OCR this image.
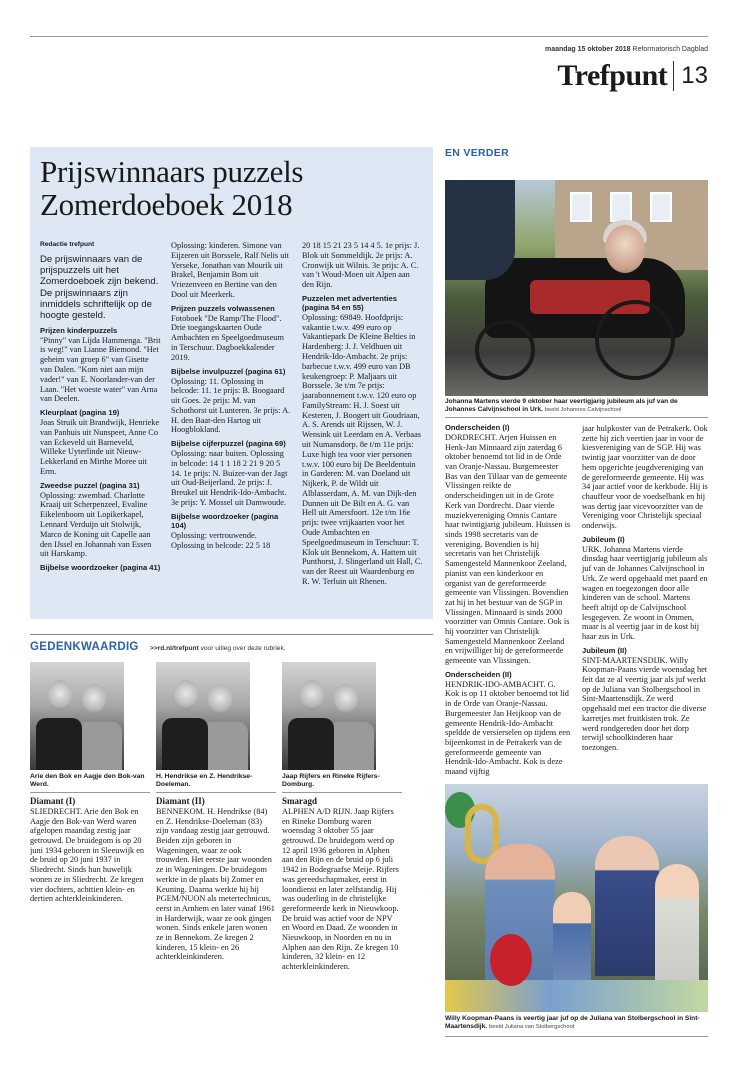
maandag 15 oktober 2018 Reformatorisch Dagblad
Trefpunt 13
Prijswinnaars puzzels Zomerdoeboek 2018
Redactie trefpunt
De prijswinnaars van de prijspuzzels uit het Zomerdoeboek zijn bekend. De prijswinnaars zijn inmiddels schriftelijk op de hoogte gesteld.
Prijzen kinderpuzzels
"Pinny" van Lijda Hammenga. "Brit is weg!" van Lianne Biemond. "Het geheim van groep 6" van Gisette van Dalen. "Kom niet aan mijn vader!" van E. Noorlander-van der Laan. "Het woeste water" van Arna van Deelen.
Kleurplaat (pagina 19)
Joas Struik uit Brandwijk, Henrieke van Panhuis uit Nunspeet, Anne Co van Eckeveld uit Barneveld, Willeke Uyterlinde uit Nieuw-Lekkerland en Mirthe Moree uit Erm.
Zweedse puzzel (pagina 31)
Oplossing: zwembad. Charlotte Kraaij uit Scherpenzeel, Evaline Eikelenboom uit Lopikerkapel, Lennard Verduijn uit Stolwijk, Marco de Koning uit Capelle aan den IJssel en Johannah van Essen uit Harskamp.
Bijbelse woordzoeker (pagina 41)
Oplossing: kinderen. Simone van Eijzeren uit Borssele, Ralf Nelis uit Yerseke, Jonathan van Mourik uit Brakel, Benjamin Bom uit Vriezenveen en Bertine van den Dool uit Meerkerk.
Prijzen puzzels volwassenen
Fotoboek "De Ramp/The Flood". Drie toegangskaarten Oude Ambachten en Speelgoedmuseum in Terschuur. Dagboekkalender 2019.
Bijbelse invulpuzzel (pagina 61)
Oplossing: 11. Oplossing in belcode: 11. 1e prijs: B. Boogaard uit Goes. 2e prijs: M. van Schothorst uit Lunteren. 3e prijs: A. H. den Baat-den Hartog uit Hoogblokland.
Bijbelse cijferpuzzel (pagina 69)
Oplossing: naar buiten. Oplossing in belcode: 14 1 1 18 2 21 9 20 5 14. 1e prijs: N. Buizer-van der Jagt uit Oud-Beijerland. 2e prijs: J. Breukel uit Hendrik-Ido-Ambacht. 3e prijs: Y. Mossel uit Damwoude.
Bijbelse woordzoeker (pagina 104)
Oplossing: vertrouwende. Oplossing in belcode: 22 5 18
20 18 15 21 23 5 14 4 5. 1e prijs: J. Blok uit Sommeldijk. 2e prijs: A. Cronwijk uit Wilnis. 3e prijs: A. C. van 't Woud-Moen uit Alpen aan den Rijn.
Puzzelen met advertenties (pagina 54 en 55)
Oplossing: 69849. Hoofdprijs: vakantie t.w.v. 499 euro op Vakantiepark De Kleine Belties in Hardenberg: J. J. Veldhuen uit Hendrik-Ido-Ambacht. 2e prijs: barbecue t.w.v. 499 euro van DB keukengroep: P. Maljaars uit Borssele. 3e t/m 7e prijs: jaarabonnement t.w.v. 120 euro op FamilyStream: H. J. Soest uit Kesteren, J. Boogert uit Goudriaan, A. S. Arends uit Rijssen, W. J. Wensink uit Leerdam en A. Verbaas uit Numansdorp. 8e t/m 11e prijs: Luxe high tea voor vier personen t.w.v. 100 euro bij De Beeldentuin in Garderen: M. van Doeland uit Nijkerk, P. de Wildt uit Alblasserdam, A. M. van Dijk-den Dunnen uit De Bilt en A. G. van Hell uit Amersfoort. 12e t/m 16e prijs: twee vrijkaarten voor het Oude Ambachten en Speelgoedmuseum in Terschuur: T. Klok uit Bennekom, A. Hattem uit Punthorst, J. Slingerland uit Hall, C. van der Reest uit Waardenburg en R. W. Terluin uit Rhenen.
GEDENKWAARDIG >>rd.nl/trefpunt voor uitleg over deze rubriek.
Arie den Bok en Aagje den Bok-van Werd.
Diamant (I)
SLIEDRECHT. Arie den Bok en Aagje den Bok-van Werd waren afgelopen maandag zestig jaar getrouwd. De bruidegom is op 20 juni 1934 geboren in Sleeuwijk en de bruid op 20 juni 1937 in Sliedrecht. Sinds hun huwelijk wonen ze in Sliedrecht. Ze kregen vier dochters, achttien klein- en dertien achterkleinkinderen.
H. Hendriksе en Z. Hendrikse-Doeleman.
Diamant (II)
BENNEKOM. H. Hendrikse (84) en Z. Hendrikse-Doeleman (83) zijn vandaag zestig jaar getrouwd. Beiden zijn geboren in Wageningen, waar ze ook trouwden. Het eerste jaar woonden ze in Wageningen. De bruidegom werkte in de plaats bij Zomer en Keuning. Daarna werkte hij bij PGEM/NUON als metertechnicus, eerst in Arnhem en later vanaf 1961 in Harderwijk, waar ze ook gingen wonen. Sinds enkele jaren wonen ze in Bennekom. Ze kregen 2 kinderen, 15 klein- en 26 achterkleinkinderen.
Jaap Rijfers en Rineke Rijfers-Domburg.
Smaragd
ALPHEN A/D RIJN. Jaap Rijfers en Rineke Domburg waren woensdag 3 oktober 55 jaar getrouwd. De bruidegom werd op 12 april 1936 geboren in Alphen aan den Rijn en de bruid op 6 juli 1942 in Bodegraafse Meije. Rijfers was gereedschapmaker, eerst in loondienst en later zelfstandig. Hij was ouderling in de christelijke gereformeerde kerk in Nieuwkoop. De bruid was actief voor de NPV en Woord en Daad. Ze woonden in Nieuwkoop, in Noorden en nu in Alphen aan den Rijn. Ze kregen 10 kinderen, 32 klein- en 12 achterkleinkinderen.
EN VERDER
Johanna Martens vierde 9 oktober haar veertigjarig jubileum als juf van de Johannes Calvijnschool in Urk. beeld Johannes Calvijnschool
Onderscheiden (I)
DORDRECHT. Arjen Huissen en Henk-Jan Minnaard zijn zaterdag 6 oktober benoemd tot lid in de Orde van Oranje-Nassau. Burgemeester Bas van den Tillaar van de gemeente Vlissingen reikte de onderscheidingen uit in de Grote Kerk van Dordrecht. Daar vierde muziekvereniging Omnis Cantare haar twintigjarig jubileum. Huissen is sinds 1998 secretaris van de vereniging. Bovendien is hij secretaris van het Christelijk Samengesteld Mannenkoor Zeeland, pianist van een kinderkoor en organist van de gereformeerde gemeente van Vlissingen. Bovendien zat hij in het bestuur van de SGP in Vlissingen. Minnaard is sinds 2000 voorzitter van Omnis Cantare. Ook is hij voorzitter van Christelijk Samengesteld Mannenkoor Zeeland en vrijwilliger bij de gereformeerde gemeente van Vlissingen.
Onderscheiden (II)
HENDRIK-IDO-AMBACHT. G. Kok is op 11 oktober benoemd tot lid in de Orde van Oranje-Nassau. Burgemeester Jan Heijkoop van de gemeente Hendrik-Ido-Ambacht speldde de versierselen op tijdens een bijeenkomst in de Petrakerk van de gereformeerde gemeente van Hendrik-Ido-Ambacht. Kok is deze maand vijftig
jaar hulpkoster van de Petrakerk. Ook zette hij zich veertien jaar in voor de kiesvereniging van de SGP. Hij was twintig jaar voorzitter van de door hem opgerichte jeugdvereniging van de gereformeerde gemeente. Hij was 34 jaar actief voor de kerkbode. Hij is chauffeur voor de voedselbank en hij was dertig jaar vicevoorzitter van de Vereniging voor Christelijk speciaal onderwijs.
Jubileum (I)
URK. Johanna Martens vierde dinsdag haar veertigjarig jubileum als juf van de Johannes Calvijnschool in Urk. Ze werd opgehaald met paard en wagen en toegezongen door alle kinderen van de school. Martens heeft altijd op de Calvijnschool lesgegeven. Ze woont in Ommen, maar is al veertig jaar in de kost bij haar zus in Urk.
Jubileum (II)
SINT-MAARTENSDIJK. Willy Koopman-Paans vierde woensdag het feit dat ze al veertig jaar als juf werkt op de Juliana van Stolbergschool in Sint-Maartensdijk. Ze werd opgehaald met een tractor die diverse karretjes met fruitkisten trok. Ze werd rondgereden door het dorp terwijl schoolkinderen haar toezongen.
Willy Koopman-Paans is veertig jaar juf op de Juliana van Stolbergschool in Sint-Maartensdijk. beeld Juliana van Stolbergschool
